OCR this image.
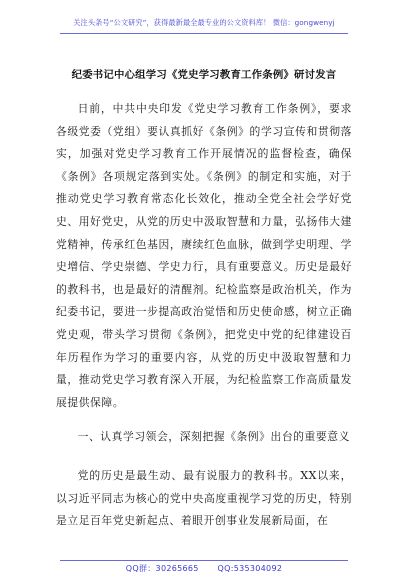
关注头条号“公文研究”，获得最新最全最专业的公文资料库！ 微信：gongwenyj
纪委书记中心组学习《党史学习教育工作条例》研讨发言

日前，中共中央印发《党史学习教育工作条例》，要求各级党委（党组）要认真抓好《条例》的学习宣传和贯彻落实，加强对党史学习教育工作开展情况的监督检查，确保《条例》各项规定落到实处。《条例》的制定和实施，对于推动党史学习教育常态化长效化，推动全党全社会学好党史、用好党史，从党的历史中汲取智慧和力量，弘扬伟大建党精神，传承红色基因，赓续红色血脉，做到学史明理、学史增信、学史崇德、学史力行，具有重要意义。历史是最好的教科书，也是最好的清醒剂。纪检监察是政治机关，作为纪委书记，要进一步提高政治觉悟和历史使命感，树立正确党史观，带头学习贯彻《条例》，把党史中党的纪律建设百年历程作为学习的重要内容，从党的历史中汲取智慧和力量，推动党史学习教育深入开展，为纪检监察工作高质量发展提供保障。

一、认真学习领会，深刻把握《条例》出台的重要意义

党的历史是最生动、最有说服力的教科书。XX以来，以习近平同志为核心的党中央高度重视学习党的历史，特别是立足百年党史新起点、着眼开创事业发展新局面，在

QQ群：30265665 QQ:535304092
